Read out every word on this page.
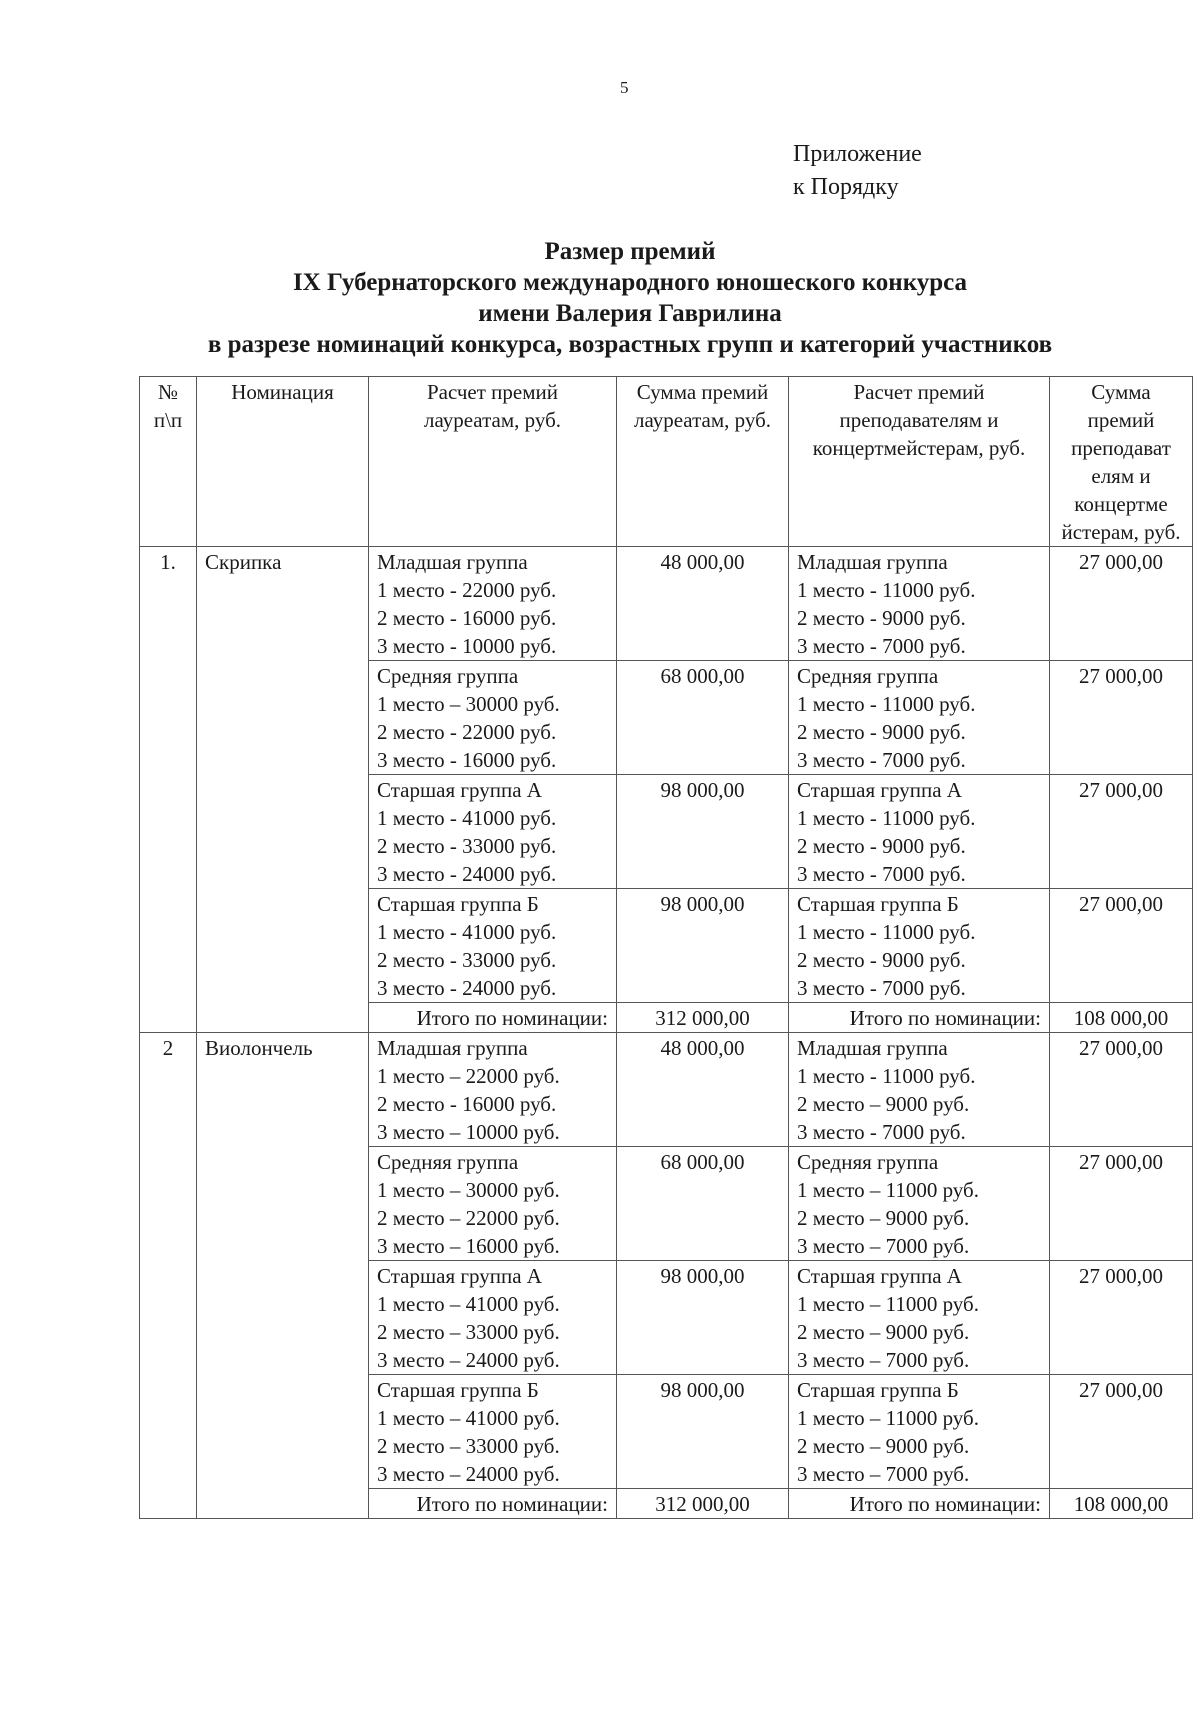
5
Приложение
к Порядку
Размер премий
IX Губернаторского международного юношеского конкурса
имени Валерия Гаврилина
в разрезе номинаций конкурса, возрастных групп и категорий участников
№ п\п	Номинация	Расчет премий лауреатам, руб.	Сумма премий лауреатам, руб.	Расчет премий преподавателям и концертмейстерам, руб.	Сумма премий преподават елям и концертме йстерам, руб.
1.	Скрипка	Младшая группа
1 место - 22000 руб.
2 место - 16000 руб.
3 место - 10000 руб.	48 000,00	Младшая группа
1 место - 11000 руб.
2 место - 9000 руб.
3 место - 7000 руб.	27 000,00

		Средняя группа
1 место – 30000 руб.
2 место - 22000 руб.
3 место - 16000 руб.	68 000,00	Средняя группа
1 место - 11000 руб.
2 место - 9000 руб.
3 место - 7000 руб.	27 000,00

		Старшая группа А
1 место - 41000 руб.
2 место - 33000 руб.
3 место - 24000 руб.	98 000,00	Старшая группа А
1 место - 11000 руб.
2 место - 9000 руб.
3 место - 7000 руб.	27 000,00

		Старшая группа Б
1 место - 41000 руб.
2 место - 33000 руб.
3 место - 24000 руб.	98 000,00	Старшая группа Б
1 место - 11000 руб.
2 место - 9000 руб.
3 место - 7000 руб.	27 000,00
		Итого по номинации:	312 000,00	Итого по номинации:	108 000,00
2	Виолончель	Младшая группа
1 место – 22000 руб.
2 место - 16000 руб.
3 место – 10000 руб.	48 000,00	Младшая группа
1 место - 11000 руб.
2 место – 9000 руб.
3 место - 7000 руб.	27 000,00

		Средняя группа
1 место – 30000 руб.
2 место – 22000 руб.
3 место – 16000 руб.	68 000,00	Средняя группа
1 место – 11000 руб.
2 место – 9000 руб.
3 место – 7000 руб.	27 000,00

		Старшая группа А
1 место – 41000 руб.
2 место – 33000 руб.
3 место – 24000 руб.	98 000,00	Старшая группа А
1 место – 11000 руб.
2 место – 9000 руб.
3 место – 7000 руб.	27 000,00

		Старшая группа Б
1 место – 41000 руб.
2 место – 33000 руб.
3 место – 24000 руб.	98 000,00	Старшая группа Б
1 место – 11000 руб.
2 место – 9000 руб.
3 место – 7000 руб.	27 000,00
		Итого по номинации:	312 000,00	Итого по номинации:	108 000,00
